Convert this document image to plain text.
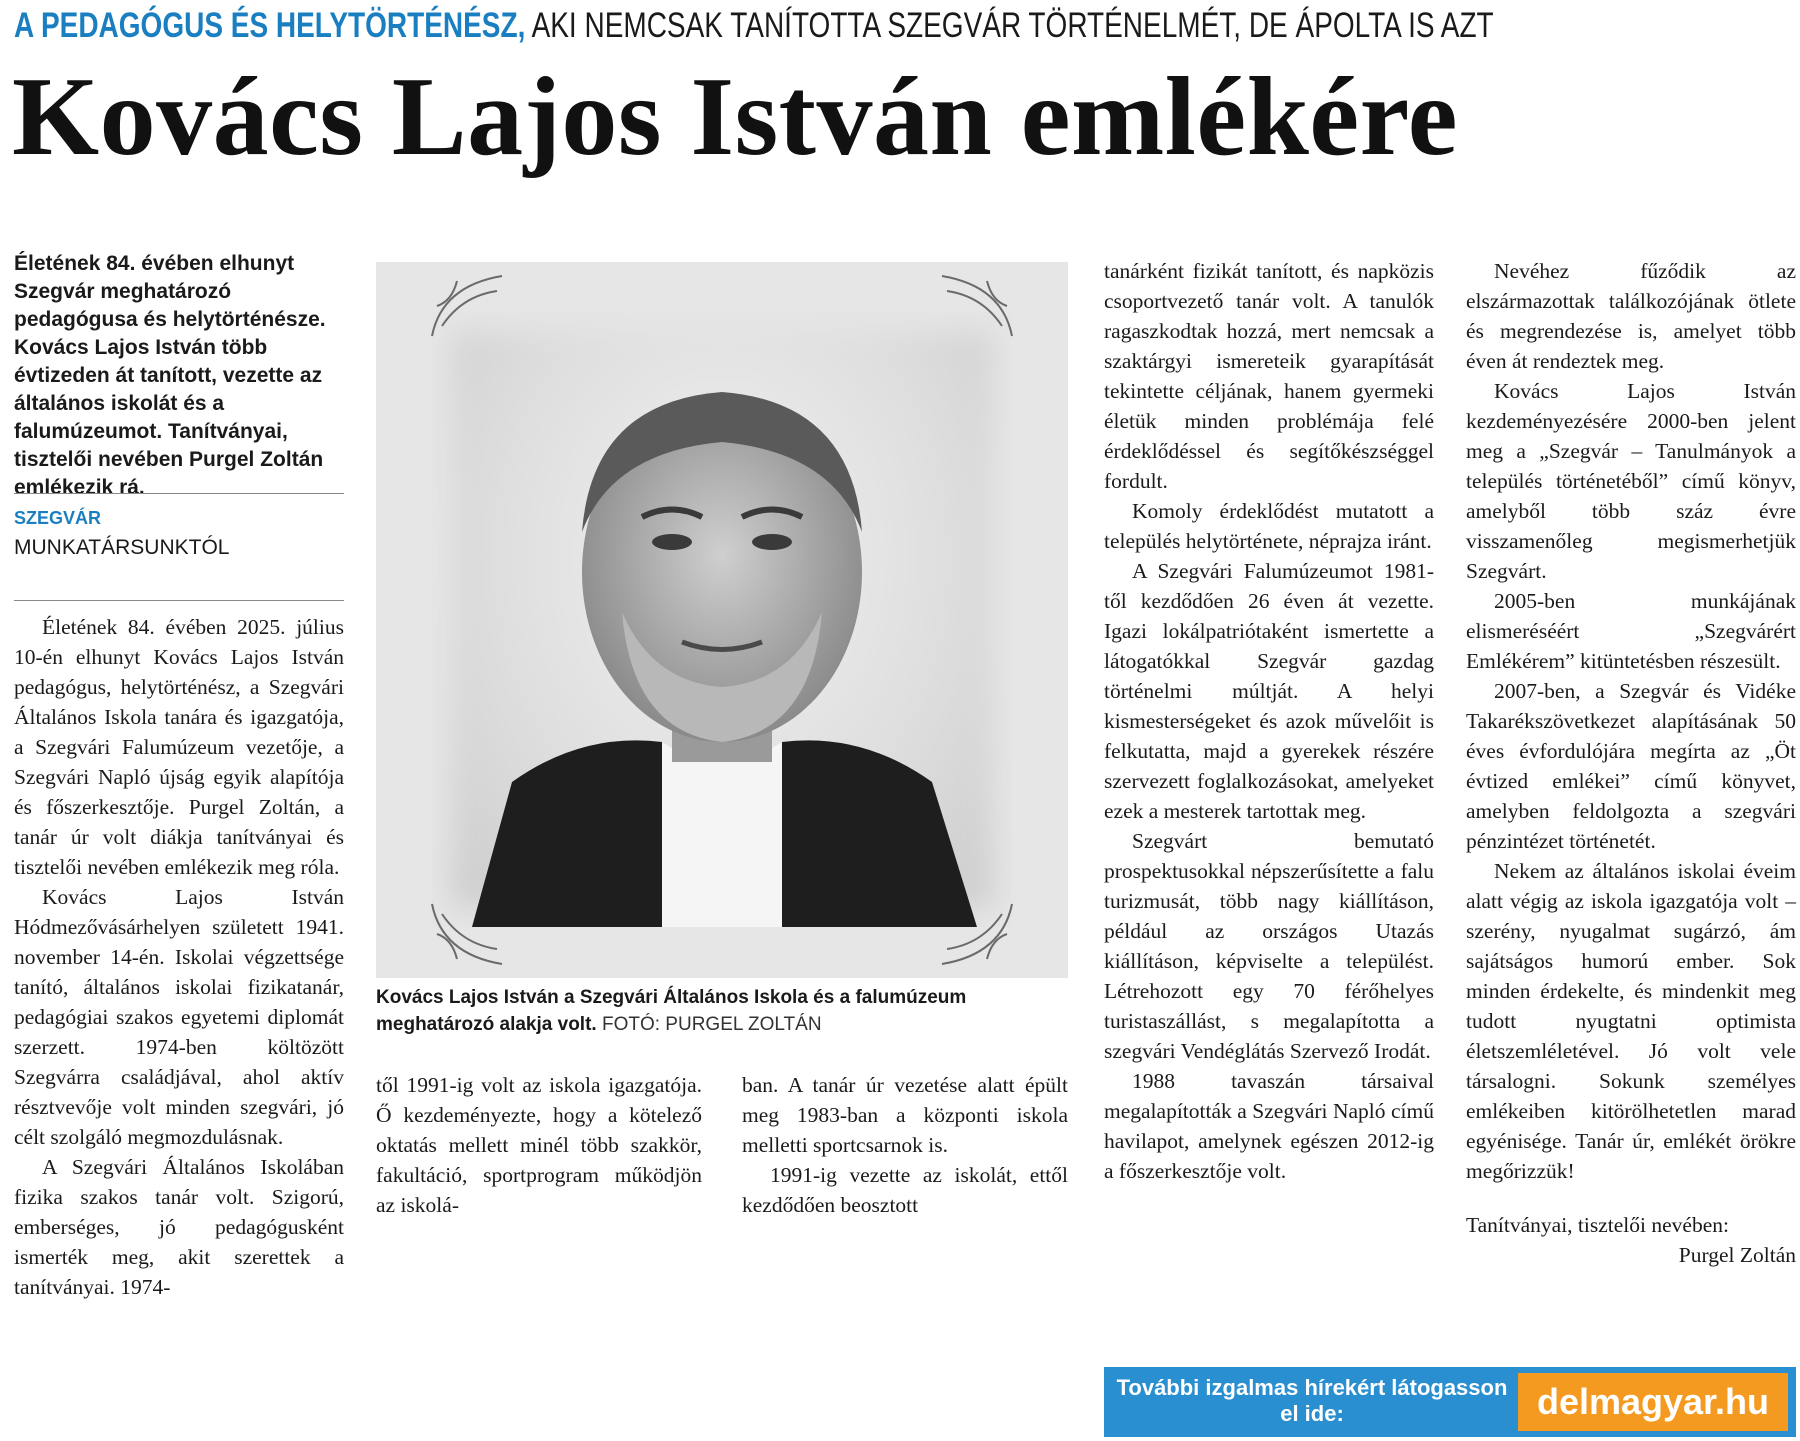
A PEDAGÓGUS ÉS HELYTÖRTÉNÉSZ, AKI NEMCSAK TANÍTOTTA SZEGVÁR TÖRTÉNELMÉT, DE ÁPOLTA IS AZT
Kovács Lajos István emlékére

Életének 84. évében elhunyt Szegvár meghatározó pedagógusa és helytörténésze. Kovács Lajos István több évtizeden át tanított, vezette az általános iskolát és a falumúzeumot. Tanítványai, tisztelői nevében Purgel Zoltán emlékezik rá.

SZEGVÁR
MUNKATÁRSUNKTÓL

Életének 84. évében 2025. július 10-én elhunyt Kovács Lajos István pedagógus, helytörténész, a Szegvári Általános Iskola tanára és igazgatója, a Szegvári Falumúzeum vezetője, a Szegvári Napló újság egyik alapítója és főszerkesztője. Purgel Zoltán, a tanár úr volt diákja tanítványai és tisztelői nevében emlékezik meg róla.

Kovács Lajos István Hódmezővásárhelyen született 1941. november 14-én. Iskolai végzettsége tanító, általános iskolai fizikatanár, pedagógiai szakos egyetemi diplomát szerzett. 1974-ben költözött Szegvárra családjával, ahol aktív résztvevője volt minden szegvári, jó célt szolgáló megmozdulásnak.

A Szegvári Általános Iskolában fizika szakos tanár volt. Szigorú, emberséges, jó pedagógusként ismerték meg, akit szerettek a tanítványai. 1974-

Kovács Lajos István a Szegvári Általános Iskola és a falumúzeum meghatározó alakja volt. FOTÓ: PURGEL ZOLTÁN

től 1991-ig volt az iskola igazgatója. Ő kezdeményezte, hogy a kötelező oktatás mellett minél több szakkör, fakultáció, sportprogram működjön az iskolá-

ban. A tanár úr vezetése alatt épült meg 1983-ban a központi iskola melletti sportcsarnok is.

1991-ig vezette az iskolát, ettől kezdődően beosztott

tanárként fizikát tanított, és napközis csoportvezető tanár volt. A tanulók ragaszkodtak hozzá, mert nemcsak a szaktárgyi ismereteik gyarapítását tekintette céljának, hanem gyermeki életük minden problémája felé érdeklődéssel és segítőkészséggel fordult.

Komoly érdeklődést mutatott a település helytörténete, néprajza iránt.

A Szegvári Falumúzeumot 1981-től kezdődően 26 éven át vezette. Igazi lokálpatriótaként ismertette a látogatókkal Szegvár gazdag történelmi múltját. A helyi kismesterségeket és azok művelőit is felkutatta, majd a gyerekek részére szervezett foglalkozásokat, amelyeket ezek a mesterek tartottak meg.

Szegvárt bemutató prospektusokkal népszerűsítette a falu turizmusát, több nagy kiállításon, például az országos Utazás kiállításon, képviselte a települést. Létrehozott egy 70 férőhelyes turistaszállást, s megalapította a szegvári Vendéglátás Szervező Irodát.

1988 tavaszán társaival megalapították a Szegvári Napló című havilapot, amelynek egészen 2012-ig a főszerkesztője volt.

Nevéhez fűződik az elszármazottak találkozójának ötlete és megrendezése is, amelyet több éven át rendeztek meg.

Kovács Lajos István kezdeményezésére 2000-ben jelent meg a „Szegvár – Tanulmányok a település történetéből” című könyv, amelyből több száz évre visszamenőleg megismerhetjük Szegvárt.

2005-ben munkájának elismeréséért „Szegvárért Emlékérem” kitüntetésben részesült.

2007-ben, a Szegvár és Vidéke Takarékszövetkezet alapításának 50 éves évfordulójára megírta az „Öt évtized emlékei” című könyvet, amelyben feldolgozta a szegvári pénzintézet történetét.

Nekem az általános iskolai éveim alatt végig az iskola igazgatója volt – szerény, nyugalmat sugárzó, ám sajátságos humorú ember. Sok minden érdekelte, és mindenkit meg tudott nyugtatni optimista életszemléletével. Jó volt vele társalogni. Sokunk személyes emlékeiben kitörölhetetlen marad egyénisége. Tanár úr, emlékét örökre megőrizzük!

Tanítványai, tisztelői nevében:

Purgel Zoltán

További izgalmas hírekért látogasson el ide:	delmagyar.hu
